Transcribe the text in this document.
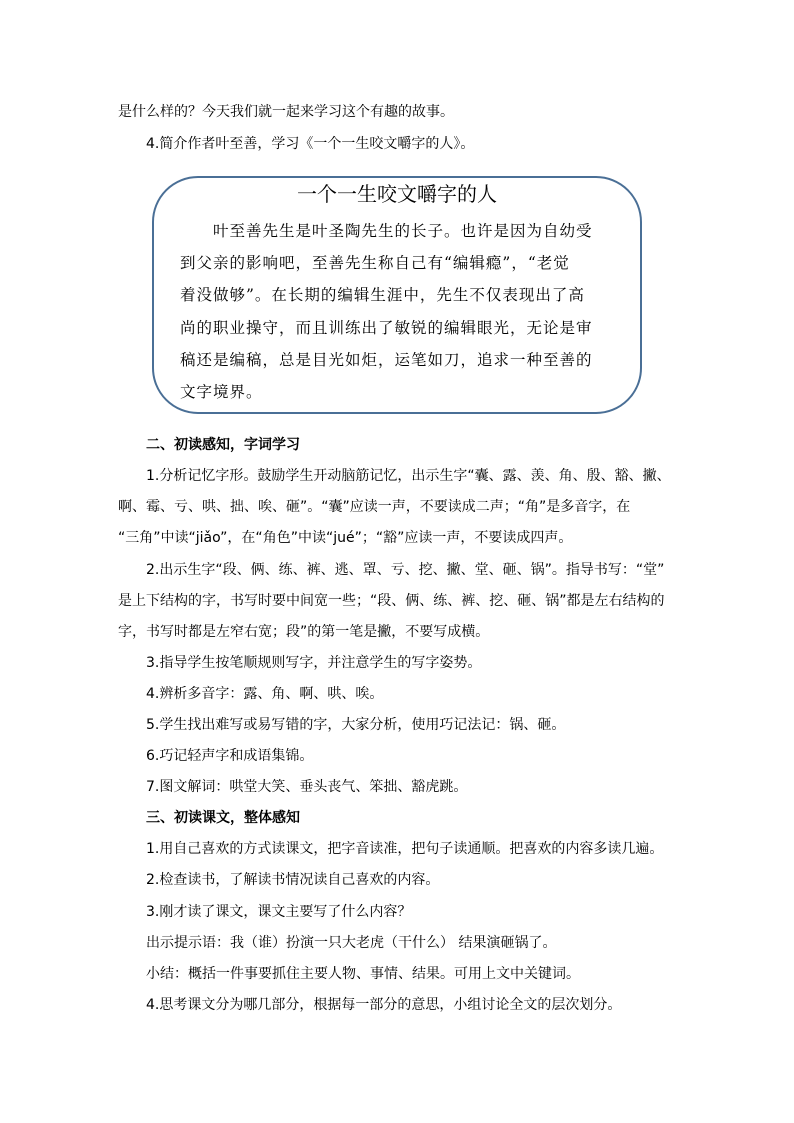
是什么样的？今天我们就一起来学习这个有趣的故事。
4.简介作者叶至善，学习《一个一生咬文嚼字的人》。
一个一生咬文嚼字的人
　　叶至善先生是叶圣陶先生的长子。也许是因为自幼受
到父亲的影响吧，至善先生称自己有“编辑瘾”，“老觉
着没做够”。在长期的编辑生涯中，先生不仅表现出了高
尚的职业操守，而且训练出了敏锐的编辑眼光，无论是审
稿还是编稿，总是目光如炬，运笔如刀，追求一种至善的
文字境界。
二、初读感知，字词学习
1.分析记忆字形。鼓励学生开动脑筋记忆，出示生字“囊、露、羡、角、殷、豁、撇、
啊、霉、亏、哄、拙、唉、砸”。“囊”应读一声，不要读成二声；“角”是多音字，在
“三角”中读“jiǎo”，在“角色”中读“jué”；“豁”应读一声，不要读成四声。
2.出示生字“段、俩、练、裤、逃、罩、亏、挖、撇、堂、砸、锅”。指导书写：“堂”
是上下结构的字，书写时要中间宽一些；“段、俩、练、裤、挖、砸、锅”都是左右结构的
字，书写时都是左窄右宽；段”的第一笔是撇，不要写成横。
3.指导学生按笔顺规则写字，并注意学生的写字姿势。
4.辨析多音字：露、角、啊、哄、唉。
5.学生找出难写或易写错的字，大家分析，使用巧记法记：锅、砸。
6.巧记轻声字和成语集锦。
7.图文解词：哄堂大笑、垂头丧气、笨拙、豁虎跳。
三、初读课文，整体感知
1.用自己喜欢的方式读课文，把字音读准，把句子读通顺。把喜欢的内容多读几遍。
2.检查读书，了解读书情况读自己喜欢的内容。
3.刚才读了课文，课文主要写了什么内容？
出示提示语：我（谁）扮演一只大老虎（干什么） 结果演砸锅了。
小结：概括一件事要抓住主要人物、事情、结果。可用上文中关键词。
4.思考课文分为哪几部分，根据每一部分的意思，小组讨论全文的层次划分。
